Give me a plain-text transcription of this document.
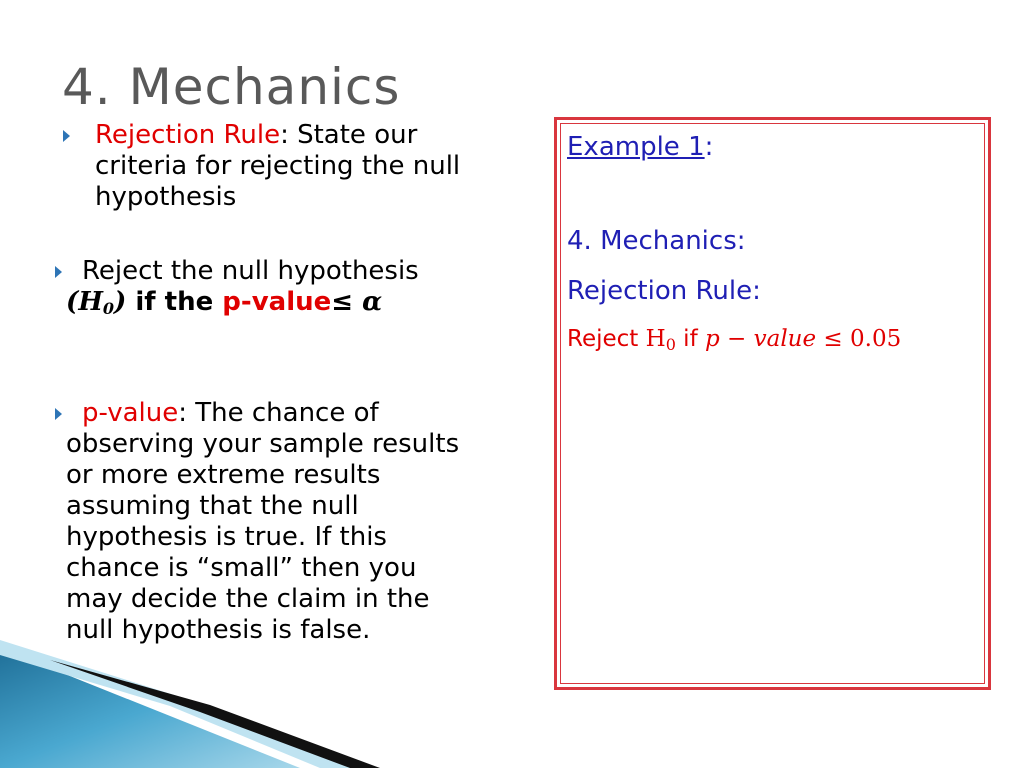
4. Mechanics
Rejection Rule: State our
criteria for rejecting the null
hypothesis
Reject the null hypothesis
$(H_0)$ if the p-value≤ α
p-value: The chance of
observing your sample results
or more extreme results
assuming that the null
hypothesis is true. If this
chance is “small” then you
may decide the claim in the
null hypothesis is false.
Example 1:
4. Mechanics:
Rejection Rule:
Reject $H_0$ if p − value ≤ 0.05
